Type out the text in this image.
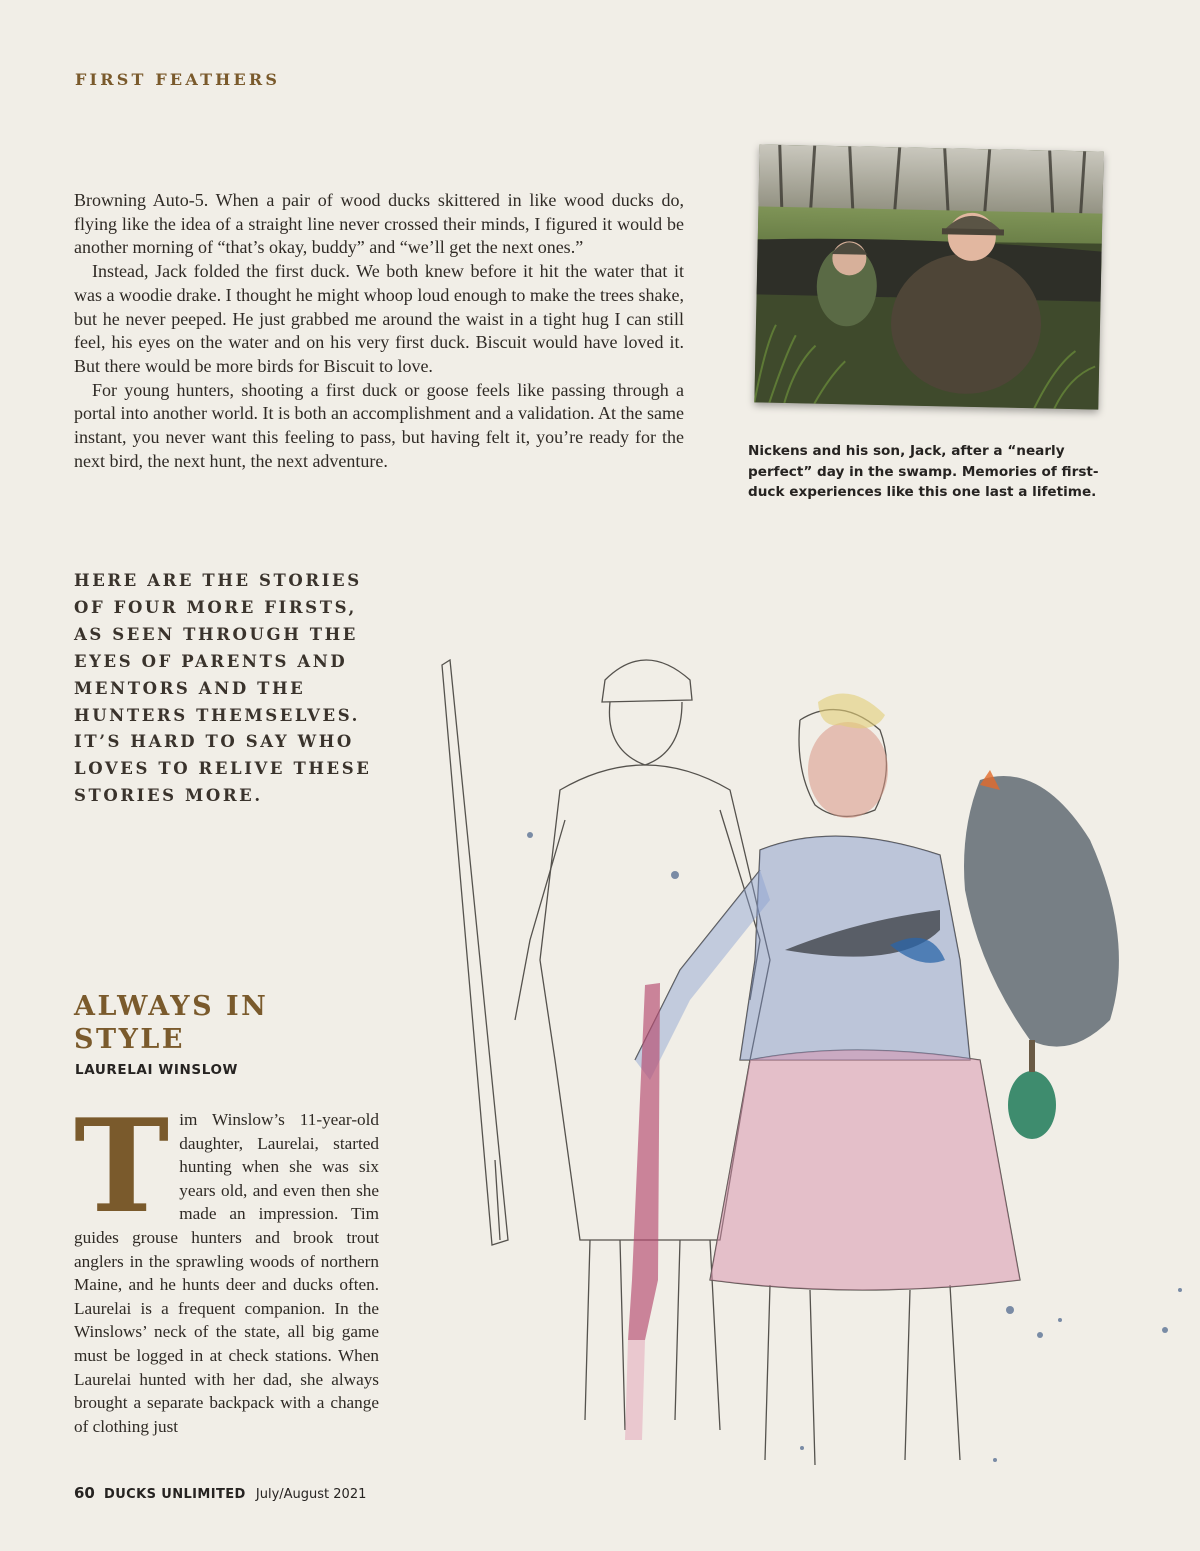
FIRST FEATHERS

Browning Auto-5. When a pair of wood ducks skittered in like wood ducks do, flying like the idea of a straight line never crossed their minds, I figured it would be another morning of “that’s okay, buddy” and “we’ll get the next ones.”

Instead, Jack folded the first duck. We both knew before it hit the water that it was a woodie drake. I thought he might whoop loud enough to make the trees shake, but he never peeped. He just grabbed me around the waist in a tight hug I can still feel, his eyes on the water and on his very first duck. Biscuit would have loved it. But there would be more birds for Biscuit to love.

For young hunters, shooting a first duck or goose feels like passing through a portal into another world. It is both an accomplishment and a validation. At the same instant, you never want this feeling to pass, but having felt it, you’re ready for the next bird, the next hunt, the next adventure.	Nickens and his son, Jack, after a “nearly perfect” day in the swamp. Memories of first-duck experiences like this one last a lifetime.
HERE ARE THE STORIES OF FOUR MORE FIRSTS, AS SEEN THROUGH THE EYES OF PARENTS AND MENTORS AND THE HUNTERS THEMSELVES. IT’S HARD TO SAY WHO LOVES TO RELIVE THESE STORIES MORE.
ALWAYS IN STYLE
LAURELAI WINSLOW
Tim Winslow’s 11-year-old daughter, Laurelai, started hunting when she was six years old, and even then she made an impression. Tim guides grouse hunters and brook trout anglers in the sprawling woods of northern Maine, and he hunts deer and ducks often. Laurelai is a frequent companion. In the Winslows’ neck of the state, all big game must be logged in at check stations. When Laurelai hunted with her dad, she always brought a separate backpack with a change of clothing just
60 DUCKS UNLIMITED July/August 2021
